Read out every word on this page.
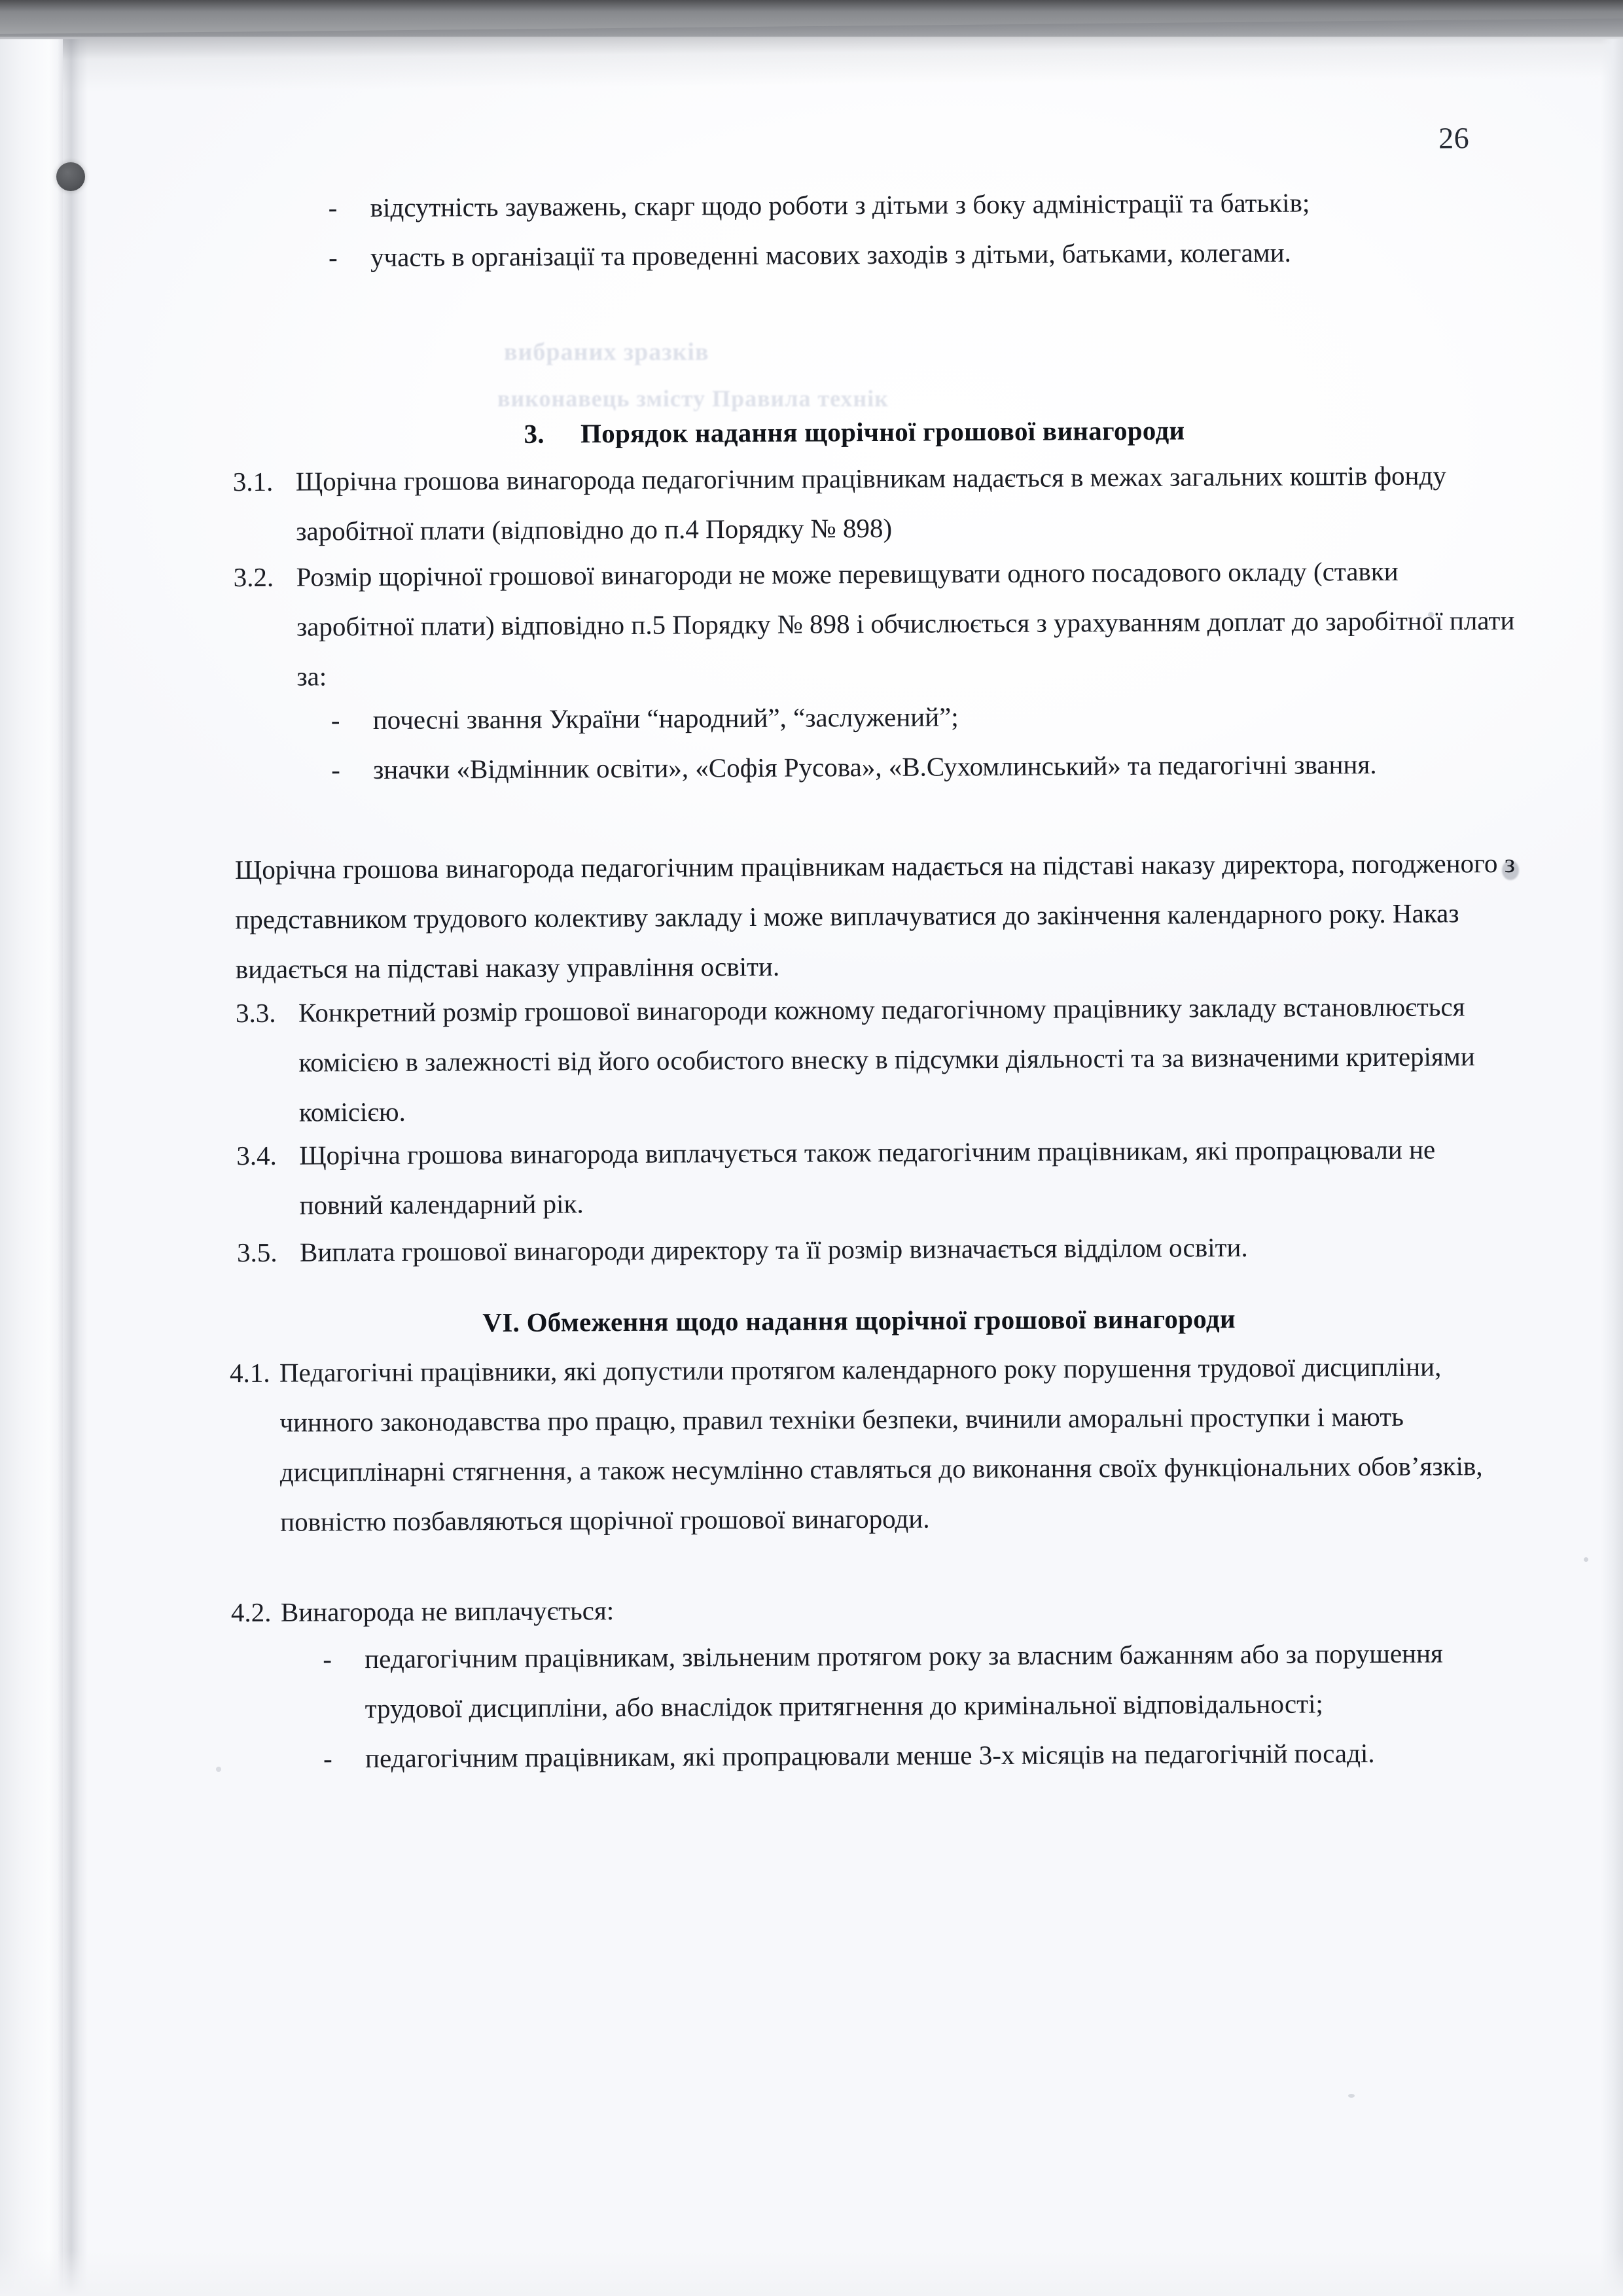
вибраних зразків
виконавець змісту Правила технік
26
-	відсутність зауважень, скарг щодо роботи з дітьми з боку адміністрації та батьків;
-	участь в організації та проведенні масових заходів з дітьми, батьками, колегами.
3. Порядок надання щорічної грошової винагороди
3.1. Щорічна грошова винагорода педагогічним працівникам надається в межах загальних коштів фонду заробітної плати (відповідно до п.4 Порядку № 898)
3.2. Розмір щорічної грошової винагороди не може перевищувати одного посадового окладу (ставки заробітної плати) відповідно п.5 Порядку № 898 і обчислюється з урахуванням доплат до заробітної плати за:
-	почесні звання України “народний”, “заслужений”;
-	значки «Відмінник освіти», «Софія Русова», «В.Сухомлинський» та педагогічні звання.
Щорічна грошова винагорода педагогічним працівникам надається на підставі наказу директора, погодженого з представником трудового колективу закладу і може виплачуватися до закінчення календарного року. Наказ видається на підставі наказу управління освіти.
3.3. Конкретний розмір грошової винагороди кожному педагогічному працівнику закладу встановлюється комісією в залежності від його особистого внеску в підсумки діяльності та за визначеними критеріями комісією.
3.4. Щорічна грошова винагорода виплачується також педагогічним працівникам, які пропрацювали не повний календарний рік.
3.5. Виплата грошової винагороди директору та її розмір визначається відділом освіти.
VI. Обмеження щодо надання щорічної грошової винагороди
4.1. Педагогічні працівники, які допустили протягом календарного року порушення трудової дисципліни, чинного законодавства про працю, правил техніки безпеки, вчинили аморальні проступки і мають дисциплінарні стягнення, а також несумлінно ставляться до виконання своїх функціональних обов’язків, повністю позбавляються щорічної грошової винагороди.
4.2. Винагорода не виплачується:
-	педагогічним працівникам, звільненим протягом року за власним бажанням або за порушення трудової дисципліни, або внаслідок притягнення до кримінальної відповідальності;
-	педагогічним працівникам, які пропрацювали менше 3-х місяців на педагогічній посаді.
